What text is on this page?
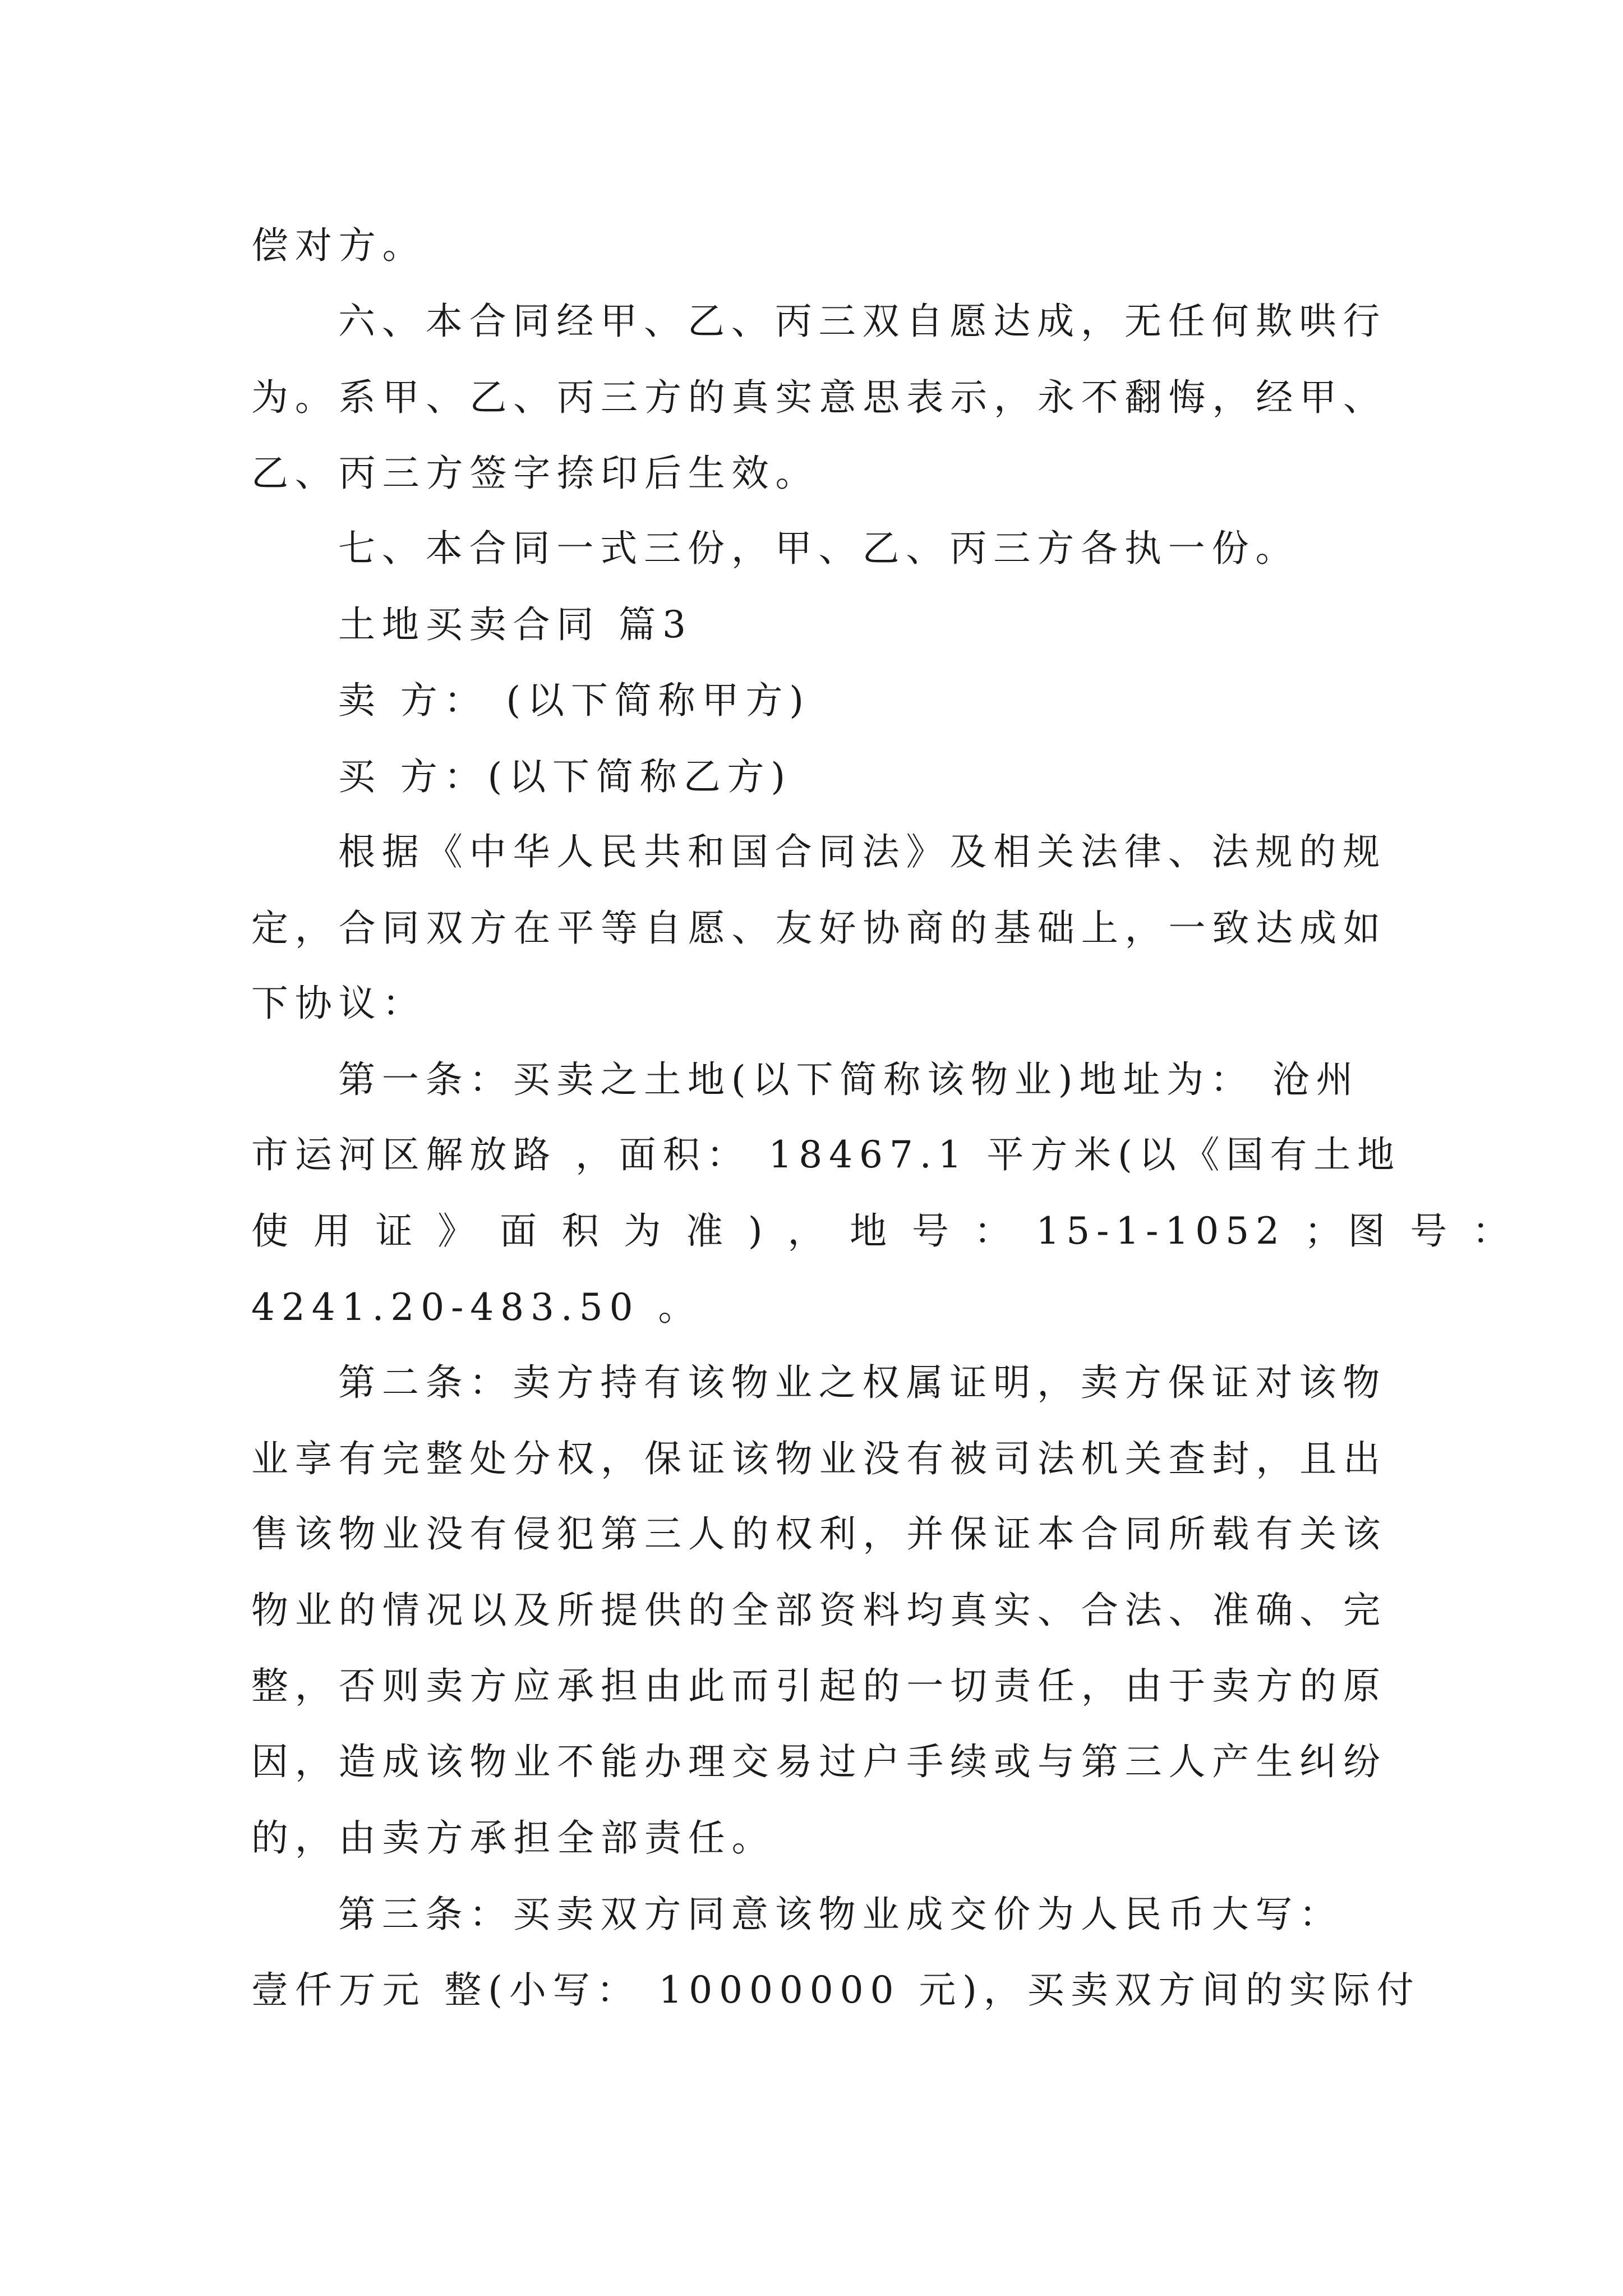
偿对方。

六、本合同经甲、乙、丙三双自愿达成，无任何欺哄行

为。系甲、乙、丙三方的真实意思表示，永不翻悔，经甲、

乙、丙三方签字捺印后生效。

七、本合同一式三份，甲、乙、丙三方各执一份。

土地买卖合同 篇3

卖 方： (以下简称甲方)

买 方：(以下简称乙方)

根据《中华人民共和国合同法》及相关法律、法规的规

定，合同双方在平等自愿、友好协商的基础上，一致达成如

下协议：

第一条：买卖之土地(以下简称该物业)地址为： 沧州

市运河区解放路 ，面积： 18467.1 平方米(以《国有土地

使 用 证 》 面 积 为 准 ) ， 地 号 ： 15-1-1052 ；图 号 ：

4241.20-483.50 。

第二条：卖方持有该物业之权属证明，卖方保证对该物

业享有完整处分权，保证该物业没有被司法机关查封，且出

售该物业没有侵犯第三人的权利，并保证本合同所载有关该

物业的情况以及所提供的全部资料均真实、合法、准确、完

整，否则卖方应承担由此而引起的一切责任，由于卖方的原

因，造成该物业不能办理交易过户手续或与第三人产生纠纷

的，由卖方承担全部责任。

第三条：买卖双方同意该物业成交价为人民币大写：

壹仟万元 整(小写： 10000000 元)，买卖双方间的实际付
